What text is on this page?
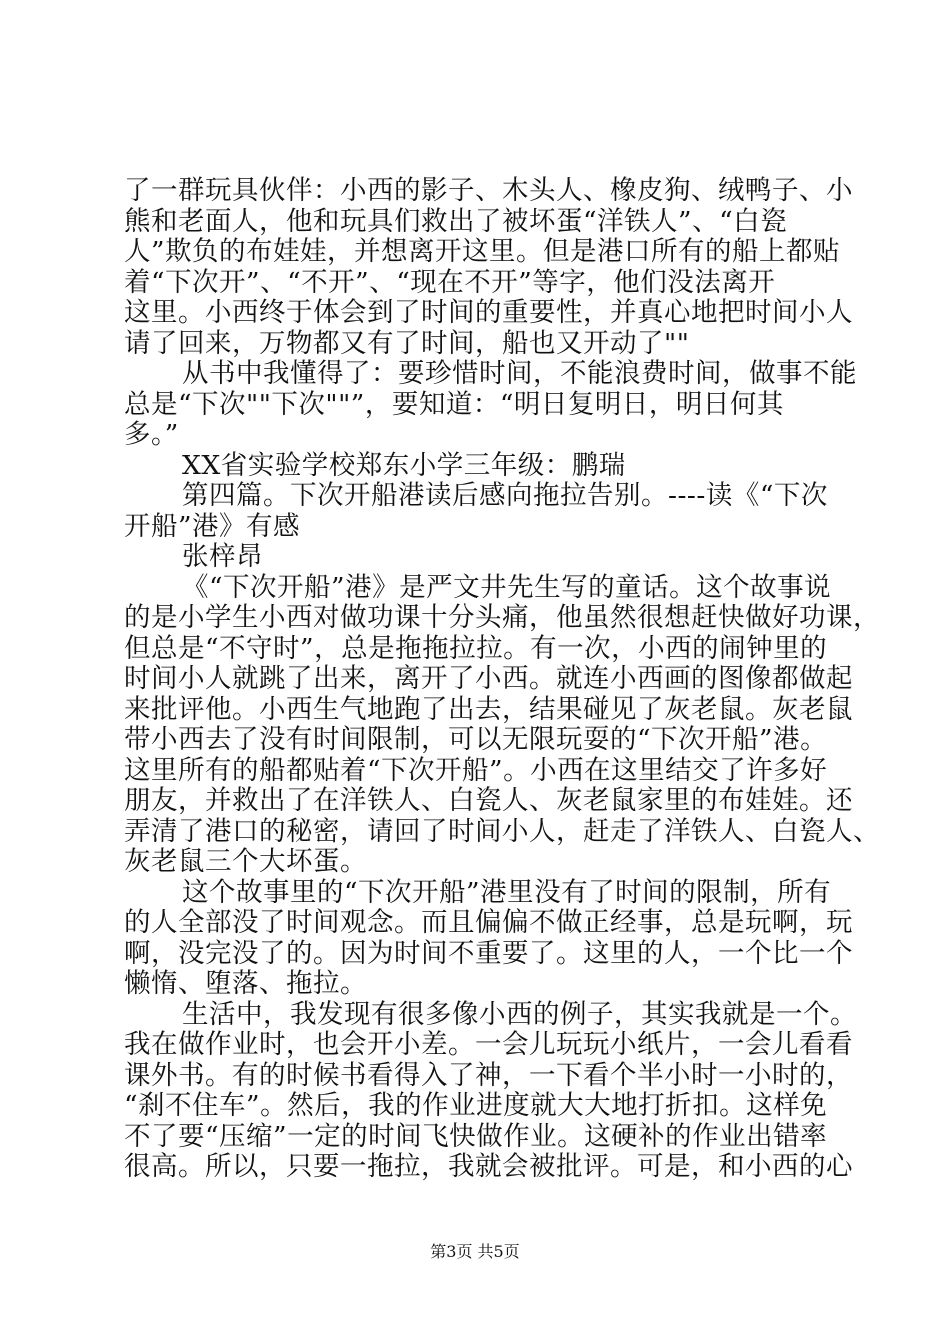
了一群玩具伙伴：小西的影子、木头人、橡皮狗、绒鸭子、小
熊和老面人，他和玩具们救出了被坏蛋“洋铁人”、“白瓷
人”欺负的布娃娃，并想离开这里。但是港口所有的船上都贴
着“下次开”、“不开”、“现在不开”等字，他们没法离开
这里。小西终于体会到了时间的重要性，并真心地把时间小人
请了回来，万物都又有了时间，船也又开动了""
从书中我懂得了：要珍惜时间，不能浪费时间，做事不能
总是“下次""下次""”，要知道：“明日复明日，明日何其
多。”
XX省实验学校郑东小学三年级：鹏瑞
第四篇。下次开船港读后感向拖拉告别。----读《“下次
开船”港》有感
张梓昂
《“下次开船”港》是严文井先生写的童话。这个故事说
的是小学生小西对做功课十分头痛，他虽然很想赶快做好功课，
但总是“不守时”，总是拖拖拉拉。有一次，小西的闹钟里的
时间小人就跳了出来，离开了小西。就连小西画的图像都做起
来批评他。小西生气地跑了出去，结果碰见了灰老鼠。灰老鼠
带小西去了没有时间限制，可以无限玩耍的“下次开船”港。
这里所有的船都贴着“下次开船”。小西在这里结交了许多好
朋友，并救出了在洋铁人、白瓷人、灰老鼠家里的布娃娃。还
弄清了港口的秘密，请回了时间小人，赶走了洋铁人、白瓷人、
灰老鼠三个大坏蛋。
这个故事里的“下次开船”港里没有了时间的限制，所有
的人全部没了时间观念。而且偏偏不做正经事，总是玩啊，玩
啊，没完没了的。因为时间不重要了。这里的人，一个比一个
懒惰、堕落、拖拉。
生活中，我发现有很多像小西的例子，其实我就是一个。
我在做作业时，也会开小差。一会儿玩玩小纸片，一会儿看看
课外书。有的时候书看得入了神，一下看个半小时一小时的，
“刹不住车”。然后，我的作业进度就大大地打折扣。这样免
不了要“压缩”一定的时间飞快做作业。这硬补的作业出错率
很高。所以，只要一拖拉，我就会被批评。可是，和小西的心
第3页 共5页
